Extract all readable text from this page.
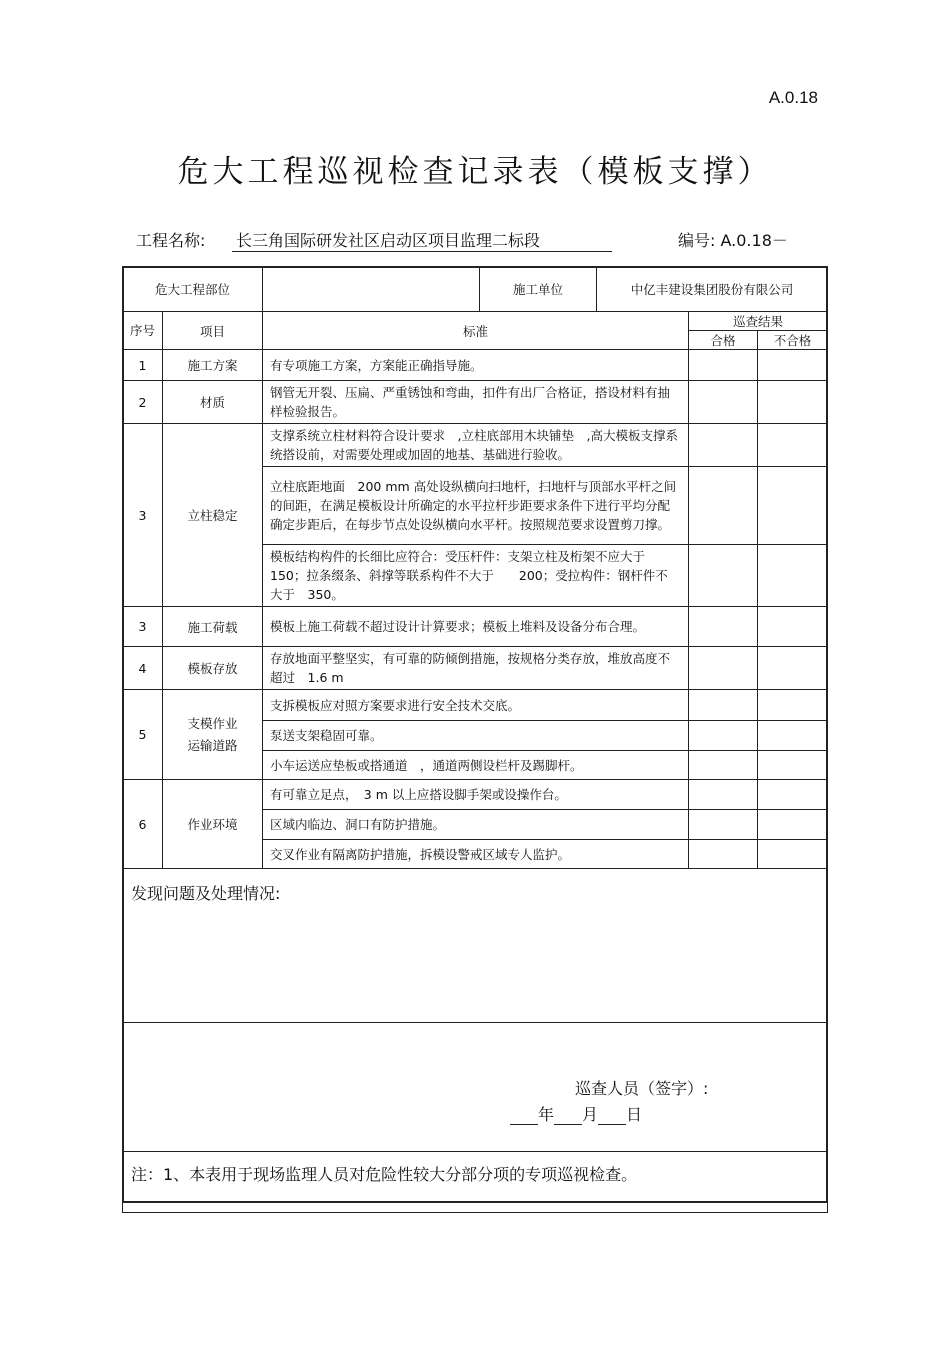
A.0.18
危大工程巡视检查记录表（模板支撑）
工程名称: 长三角国际研发社区启动区项目监理二标段	编号: A.0.18－
危大工程部位			施工单位	中亿丰建设集团股份有限公司		
序号	项目	标准			巡查结果	
					合格	不合格
1	施工方案	有专项施工方案，方案能正确指导施。				
2	材质	钢管无开裂、压扁、严重锈蚀和弯曲，扣件有出厂合格证，搭设材料有抽样检验报告。				
3	立柱稳定	支撑系统立柱材料符合设计要求　,立柱底部用木块铺垫　,高大模板支撑系统搭设前，对需要处理或加固的地基、基础进行验收。				
		立柱底距地面　200 mm 高处设纵横向扫地杆，扫地杆与顶部水平杆之间的间距，在满足模板设计所确定的水平拉杆步距要求条件下进行平均分配确定步距后，在每步节点处设纵横向水平杆。按照规范要求设置剪刀撑。				
		模板结构构件的长细比应符合：受压杆件：支架立柱及桁架不应大于　150；拉条缀条、斜撑等联系构件不大于　　200；受拉构件：钢杆件不大于　350。				
3	施工荷载	模板上施工荷载不超过设计计算要求；模板上堆料及设备分布合理。				
4	模板存放	存放地面平整坚实，有可靠的防倾倒措施，按规格分类存放，堆放高度不超过　1.6 m				
5	支模作业运输道路	支拆模板应对照方案要求进行安全技术交底。				
		泵送支架稳固可靠。				
		小车运送应垫板或搭通道　，通道两侧设栏杆及踢脚杆。				
6	作业环境	有可靠立足点，　3 m 以上应搭设脚手架或设操作台。				
		区域内临边、洞口有防护措施。				
		交叉作业有隔离防护措施，拆模设警戒区域专人监护。				

发现问题及处理情况:						

注：1、本表用于现场监理人员对危险性较大分部分项的专项巡视检查。						
巡查人员（签字）:
年 月 日
